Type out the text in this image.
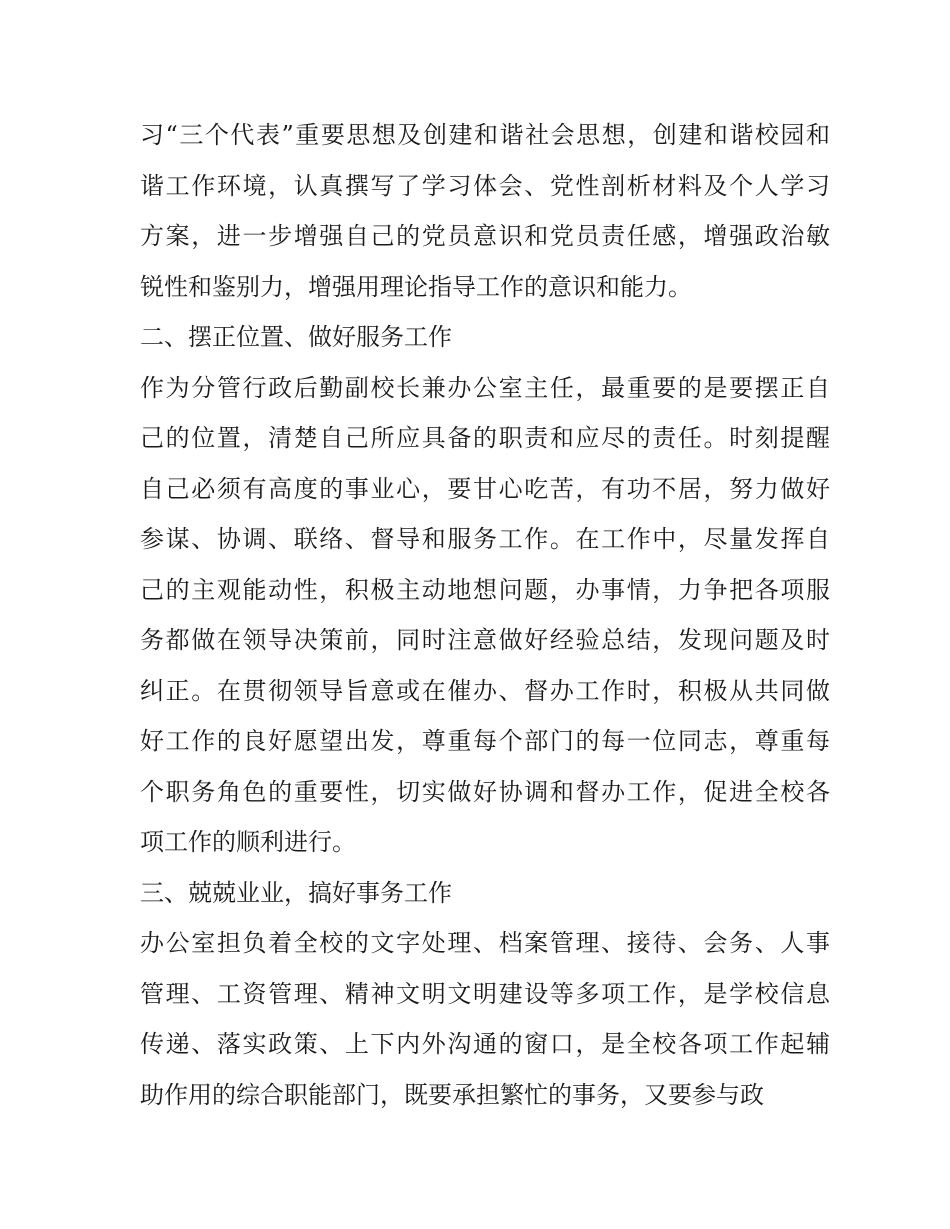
习“三个代表”重要思想及创建和谐社会思想，创建和谐校园和
谐工作环境，认真撰写了学习体会、党性剖析材料及个人学习
方案，进一步增强自己的党员意识和党员责任感，增强政治敏
锐性和鉴别力，增强用理论指导工作的意识和能力。
二、摆正位置、做好服务工作
作为分管行政后勤副校长兼办公室主任，最重要的是要摆正自
己的位置，清楚自己所应具备的职责和应尽的责任。时刻提醒
自己必须有高度的事业心，要甘心吃苦，有功不居，努力做好
参谋、协调、联络、督导和服务工作。在工作中，尽量发挥自
己的主观能动性，积极主动地想问题，办事情，力争把各项服
务都做在领导决策前，同时注意做好经验总结，发现问题及时
纠正。在贯彻领导旨意或在催办、督办工作时，积极从共同做
好工作的良好愿望出发，尊重每个部门的每一位同志，尊重每
个职务角色的重要性，切实做好协调和督办工作，促进全校各
项工作的顺利进行。
三、兢兢业业，搞好事务工作
办公室担负着全校的文字处理、档案管理、接待、会务、人事
管理、工资管理、精神文明文明建设等多项工作，是学校信息
传递、落实政策、上下内外沟通的窗口，是全校各项工作起辅
助作用的综合职能部门，既要承担繁忙的事务，又要参与政
